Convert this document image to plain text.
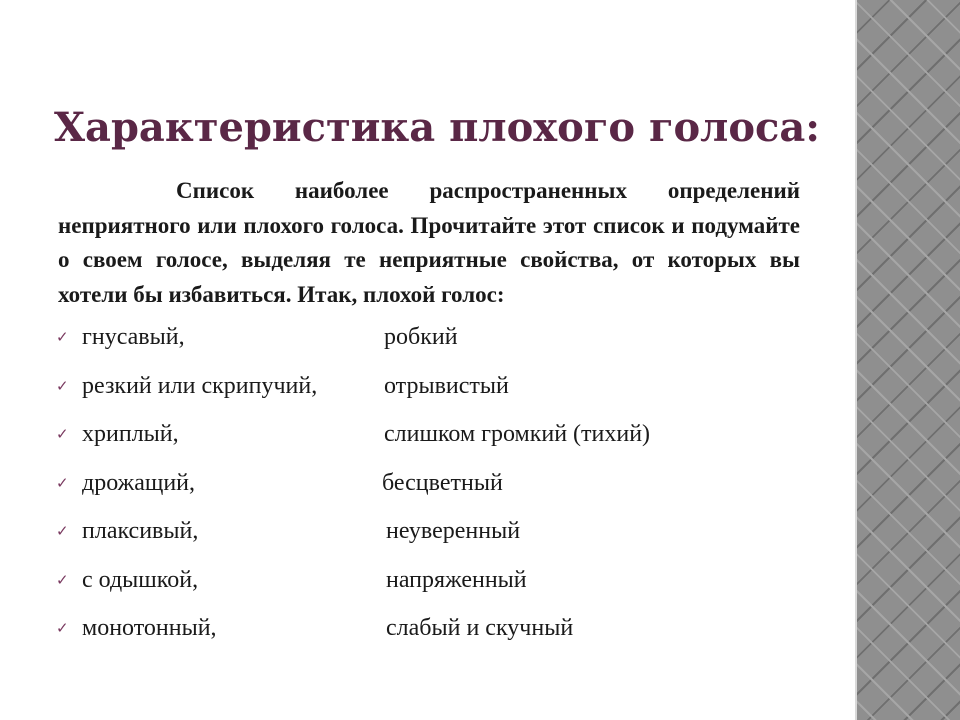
Характеристика плохого голоса:

Список наиболее распространенных определений неприятного или плохого голоса. Прочитайте этот список и подумайте о своем голосе, выделяя те неприятные свойства, от которых вы хотели бы избавиться. Итак, плохой голос:

✓ гнусавый,	робкий
✓ резкий или скрипучий,	отрывистый
✓ хриплый,	слишком громкий (тихий)
✓ дрожащий,	бесцветный
✓ плаксивый,	неуверенный
✓ с одышкой,	напряженный
✓ монотонный,	слабый и скучный
